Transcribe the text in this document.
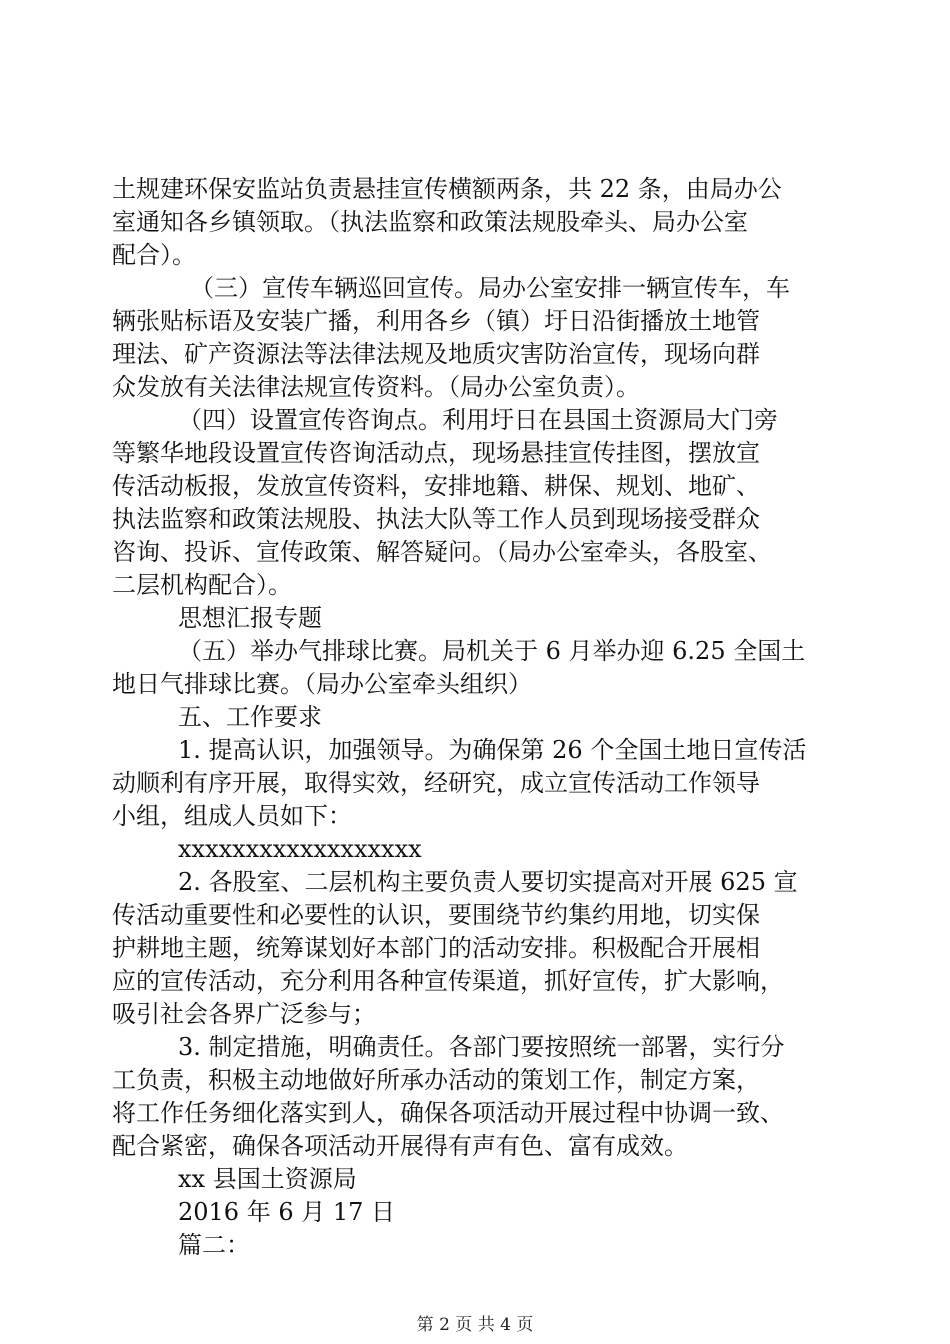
土规建环保安监站负责悬挂宣传横额两条，共 22 条，由局办公
室通知各乡镇领取。（执法监察和政策法规股牵头、局办公室
配合）。
（三）宣传车辆巡回宣传。局办公室安排一辆宣传车，车
辆张贴标语及安装广播，利用各乡（镇）圩日沿街播放土地管
理法、矿产资源法等法律法规及地质灾害防治宣传，现场向群
众发放有关法律法规宣传资料。（局办公室负责）。
（四）设置宣传咨询点。利用圩日在县国土资源局大门旁
等繁华地段设置宣传咨询活动点，现场悬挂宣传挂图，摆放宣
传活动板报，发放宣传资料，安排地籍、耕保、规划、地矿、
执法监察和政策法规股、执法大队等工作人员到现场接受群众
咨询、投诉、宣传政策、解答疑问。（局办公室牵头，各股室、
二层机构配合）。
思想汇报专题
（五）举办气排球比赛。局机关于 6 月举办迎 6.25 全国土
地日气排球比赛。（局办公室牵头组织）
五、工作要求
1. 提高认识，加强领导。为确保第 26 个全国土地日宣传活
动顺利有序开展，取得实效，经研究，成立宣传活动工作领导
小组，组成人员如下：
xxxxxxxxxxxxxxxxxx
2. 各股室、二层机构主要负责人要切实提高对开展 625 宣
传活动重要性和必要性的认识，要围绕节约集约用地，切实保
护耕地主题，统筹谋划好本部门的活动安排。积极配合开展相
应的宣传活动，充分利用各种宣传渠道，抓好宣传，扩大影响，
吸引社会各界广泛参与；
3. 制定措施，明确责任。各部门要按照统一部署，实行分
工负责，积极主动地做好所承办活动的策划工作，制定方案，
将工作任务细化落实到人，确保各项活动开展过程中协调一致、
配合紧密，确保各项活动开展得有声有色、富有成效。
xx 县国土资源局
2016 年 6 月 17 日
篇二：
第 2 页 共 4 页
